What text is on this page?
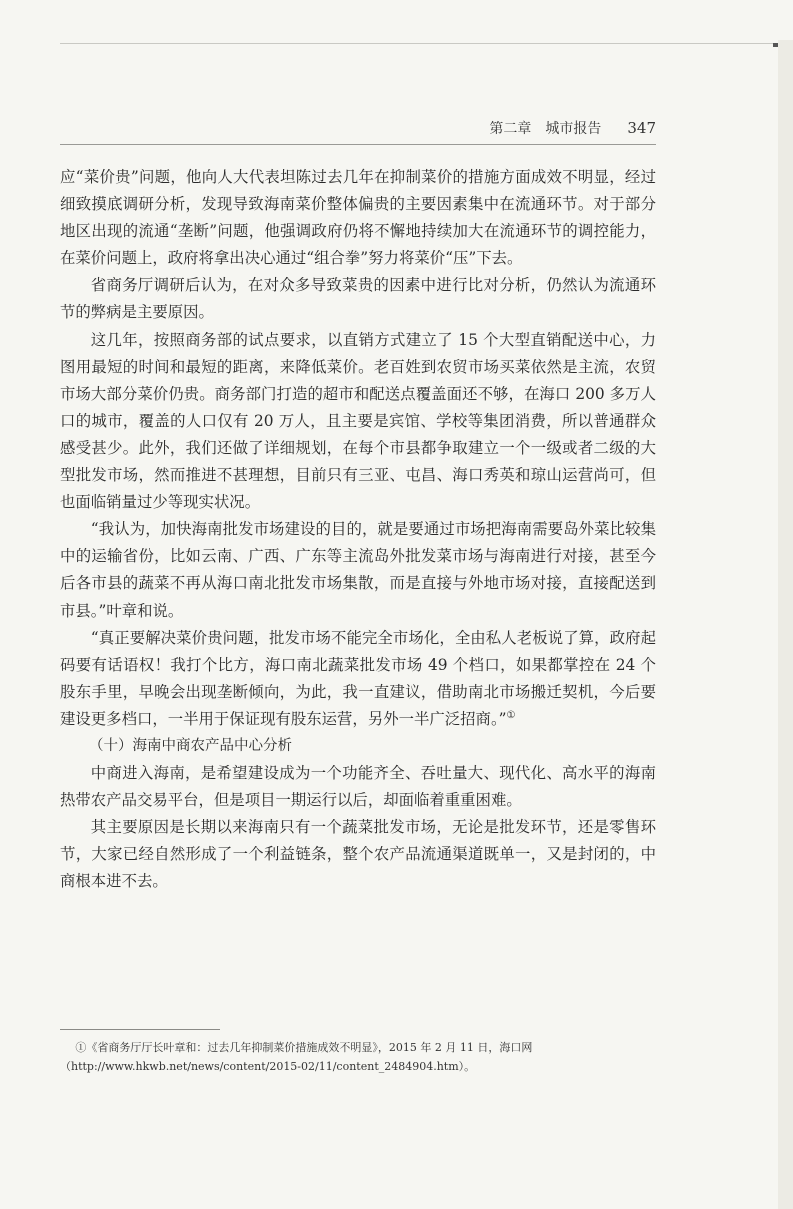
第二章　城市报告 347

应“菜价贵”问题，他向人大代表坦陈过去几年在抑制菜价的措施方面成效不明显，经过细致摸底调研分析，发现导致海南菜价整体偏贵的主要因素集中在流通环节。对于部分地区出现的流通“垄断”问题，他强调政府仍将不懈地持续加大在流通环节的调控能力，在菜价问题上，政府将拿出决心通过“组合拳”努力将菜价“压”下去。

省商务厅调研后认为，在对众多导致菜贵的因素中进行比对分析，仍然认为流通环节的弊病是主要原因。

这几年，按照商务部的试点要求，以直销方式建立了 15 个大型直销配送中心，力图用最短的时间和最短的距离，来降低菜价。老百姓到农贸市场买菜依然是主流，农贸市场大部分菜价仍贵。商务部门打造的超市和配送点覆盖面还不够，在海口 200 多万人口的城市，覆盖的人口仅有 20 万人，且主要是宾馆、学校等集团消费，所以普通群众感受甚少。此外，我们还做了详细规划，在每个市县都争取建立一个一级或者二级的大型批发市场，然而推进不甚理想，目前只有三亚、屯昌、海口秀英和琼山运营尚可，但也面临销量过少等现实状况。

“我认为，加快海南批发市场建设的目的，就是要通过市场把海南需要岛外菜比较集中的运输省份，比如云南、广西、广东等主流岛外批发菜市场与海南进行对接，甚至今后各市县的蔬菜不再从海口南北批发市场集散，而是直接与外地市场对接，直接配送到市县。”叶章和说。

“真正要解决菜价贵问题，批发市场不能完全市场化，全由私人老板说了算，政府起码要有话语权！我打个比方，海口南北蔬菜批发市场 49 个档口，如果都掌控在 24 个股东手里，早晚会出现垄断倾向，为此，我一直建议，借助南北市场搬迁契机，今后要建设更多档口，一半用于保证现有股东运营，另外一半广泛招商。”①

（十）海南中商农产品中心分析

中商进入海南，是希望建设成为一个功能齐全、吞吐量大、现代化、高水平的海南热带农产品交易平台，但是项目一期运行以后，却面临着重重困难。

其主要原因是长期以来海南只有一个蔬菜批发市场，无论是批发环节，还是零售环节，大家已经自然形成了一个利益链条，整个农产品流通渠道既单一，又是封闭的，中商根本进不去。

①《省商务厅厅长叶章和：过去几年抑制菜价措施成效不明显》，2015 年 2 月 11 日，海口网（http://www.hkwb.net/news/content/2015-02/11/content_2484904.htm）。
